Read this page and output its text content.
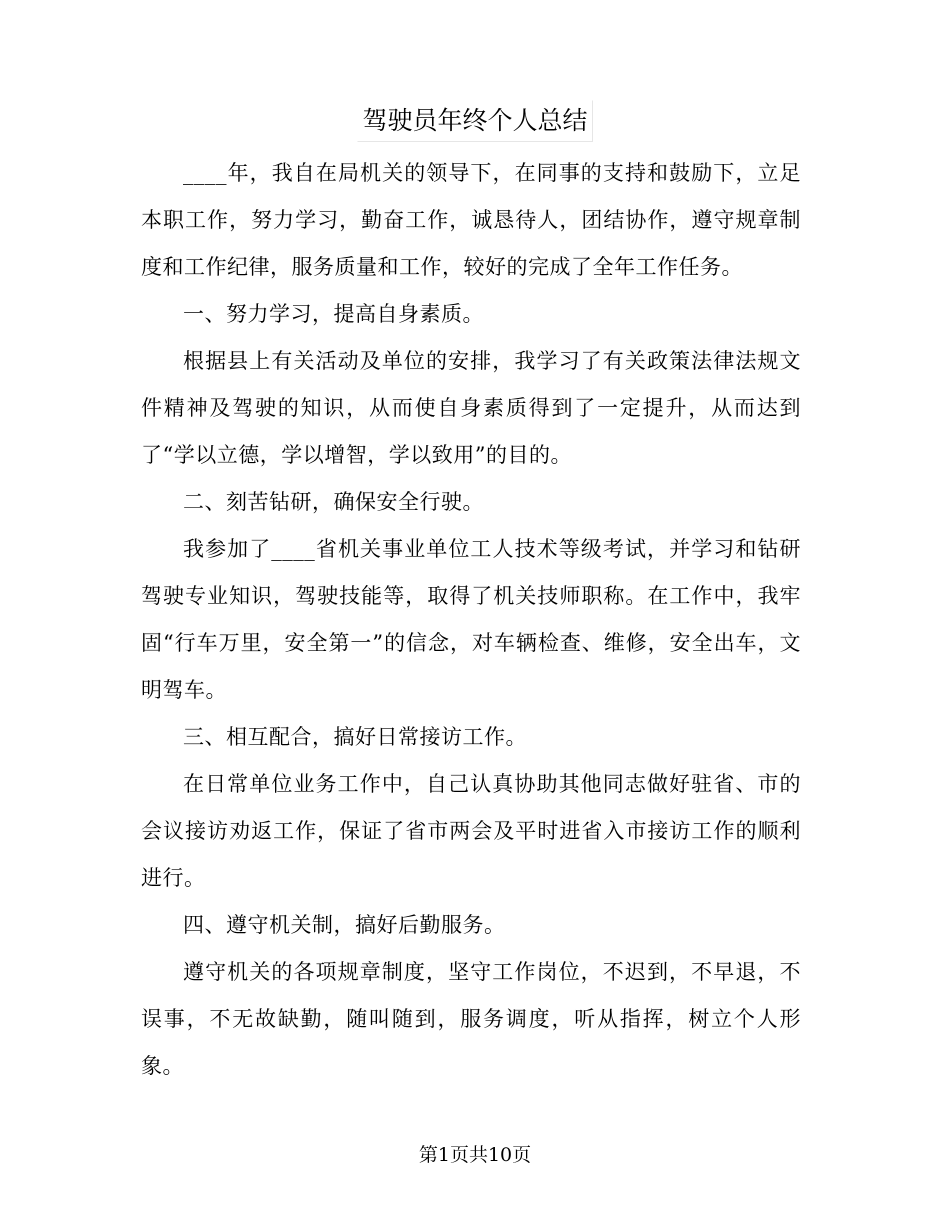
驾驶员年终个人总结

____年，我自在局机关的领导下，在同事的支持和鼓励下，立足本职工作，努力学习，勤奋工作，诚恳待人，团结协作，遵守规章制度和工作纪律，服务质量和工作，较好的完成了全年工作任务。

一、努力学习，提高自身素质。

根据县上有关活动及单位的安排，我学习了有关政策法律法规文件精神及驾驶的知识，从而使自身素质得到了一定提升，从而达到了“学以立德，学以增智，学以致用”的目的。

二、刻苦钻研，确保安全行驶。

我参加了____省机关事业单位工人技术等级考试，并学习和钻研驾驶专业知识，驾驶技能等，取得了机关技师职称。在工作中，我牢固“行车万里，安全第一”的信念，对车辆检查、维修，安全出车，文明驾车。

三、相互配合，搞好日常接访工作。

在日常单位业务工作中，自己认真协助其他同志做好驻省、市的会议接访劝返工作，保证了省市两会及平时进省入市接访工作的顺利进行。

四、遵守机关制，搞好后勤服务。

遵守机关的各项规章制度，坚守工作岗位，不迟到，不早退，不误事，不无故缺勤，随叫随到，服务调度，听从指挥，树立个人形象。

第1页共10页
